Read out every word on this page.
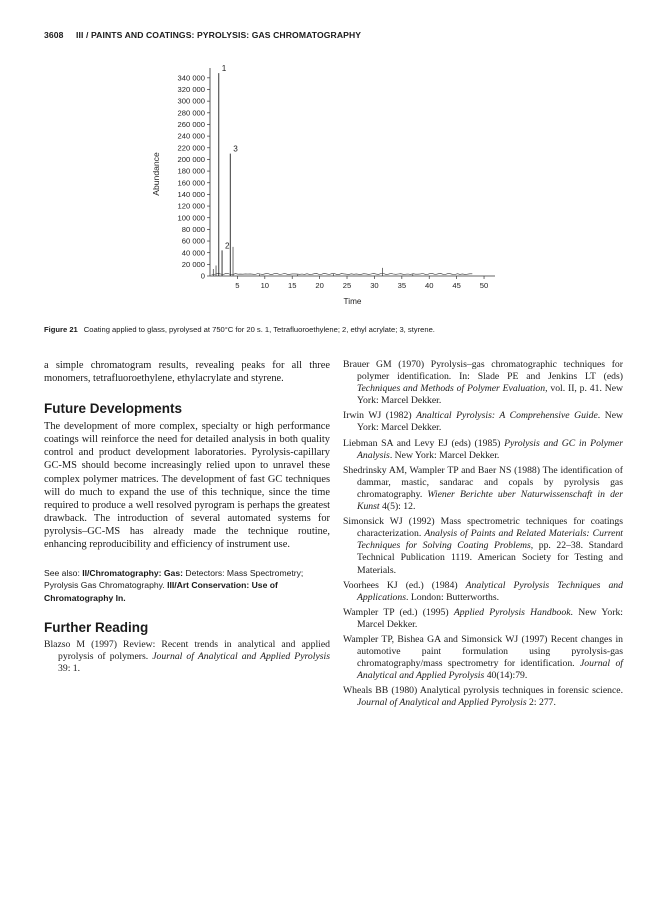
3608 III / PAINTS AND COATINGS: PYROLYSIS: GAS CHROMATOGRAPHY
0
20 000
40 000
60 000
80 000
100 000
120 000
140 000
160 000
180 000
200 000
220 000
240 000
260 000
280 000
300 000
320 000
340 000
5	10 15 20 25 30 35 40 45 50
Time
Abundance
1
2
3
Figure 21 Coating applied to glass, pyrolysed at 750°C for 20 s. 1, Tetrafluoroethylene; 2, ethyl acrylate; 3, styrene.

a simple chromatogram results, revealing peaks for all three monomers, tetrafluoroethylene, ethylacrylate and styrene.

Future Developments

The development of more complex, specialty or high performance coatings will reinforce the need for detailed analysis in both quality control and product development laboratories. Pyrolysis-capillary GC-MS should become increasingly relied upon to unravel these complex polymer matrices. The development of fast GC techniques will do much to expand the use of this technique, since the time required to produce a well resolved pyrogram is perhaps the greatest drawback. The introduction of several automated systems for pyrolysis–GC-MS has already made the technique routine, enhancing reproducibility and efficiency of instrument use.

See also: II/Chromatography: Gas: Detectors: Mass Spectrometry; Pyrolysis Gas Chromatography. III/Art Conservation: Use of Chromatography In.
Further Reading

Blazso M (1997) Review: Recent trends in analytical and applied pyrolysis of polymers. Journal of Analytical and Applied Pyrolysis 39: 1.

Brauer GM (1970) Pyrolysis–gas chromatographic techniques for polymer identification. In: Slade PE and Jenkins LT (eds) Techniques and Methods of Polymer Evaluation, vol. II, p. 41. New York: Marcel Dekker.

Irwin WJ (1982) Analtical Pyrolysis: A Comprehensive Guide. New York: Marcel Dekker.

Liebman SA and Levy EJ (eds) (1985) Pyrolysis and GC in Polymer Analysis. New York: Marcel Dekker.

Shedrinsky AM, Wampler TP and Baer NS (1988) The identification of dammar, mastic, sandarac and copals by pyrolysis gas chromatography. Wiener Berichte uber Naturwissenschaft in der Kunst 4(5): 12.

Simonsick WJ (1992) Mass spectrometric techniques for coatings characterization. Analysis of Paints and Related Materials: Current Techniques for Solving Coating Problems, pp. 22–38. Standard Technical Publication 1119. American Society for Testing and Materials.

Voorhees KJ (ed.) (1984) Analytical Pyrolysis Techniques and Applications. London: Butterworths.

Wampler TP (ed.) (1995) Applied Pyrolysis Handbook. New York: Marcel Dekker.

Wampler TP, Bishea GA and Simonsick WJ (1997) Recent changes in automotive paint formulation using pyrolysis-gas chromatography/mass spectrometry for identification. Journal of Analytical and Applied Pyrolysis 40(14):79.

Wheals BB (1980) Analytical pyrolysis techniques in forensic science. Journal of Analytical and Applied Pyrolysis 2: 277.
